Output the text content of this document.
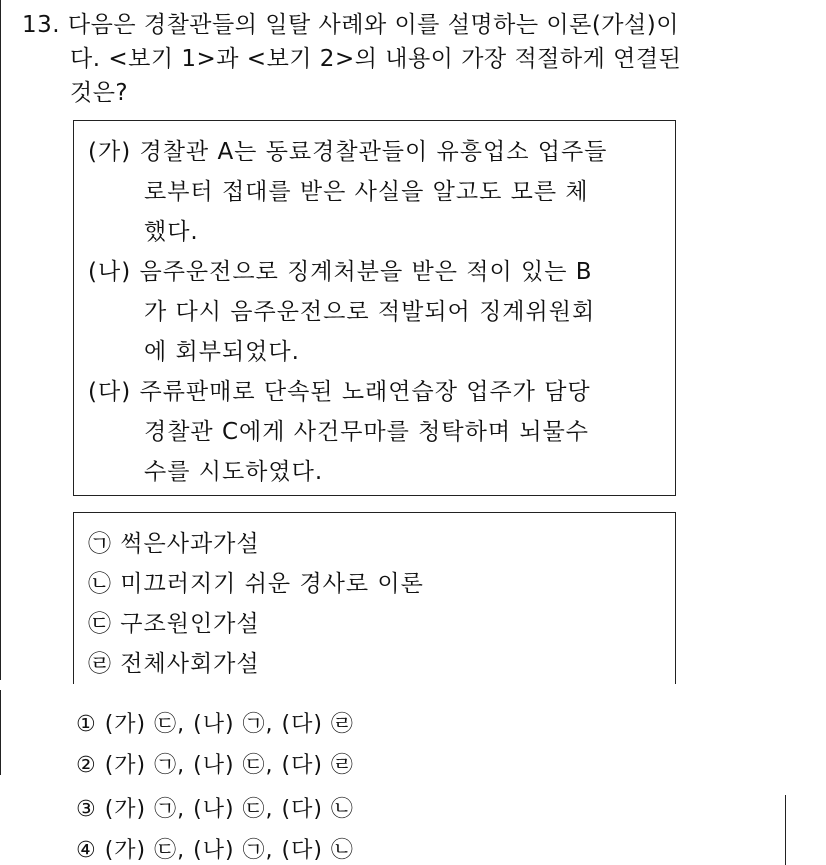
13. 다음은 경찰관들의 일탈 사례와 이를 설명하는 이론(가설)이
다. <보기 1>과 <보기 2>의 내용이 가장 적절하게 연결된
것은?
(가) 경찰관 A는 동료경찰관들이 유흥업소 업주들
로부터 접대를 받은 사실을 알고도 모른 체
했다.
(나) 음주운전으로 징계처분을 받은 적이 있는 B
가 다시 음주운전으로 적발되어 징계위원회
에 회부되었다.
(다) 주류판매로 단속된 노래연습장 업주가 담당
경찰관 C에게 사건무마를 청탁하며 뇌물수
수를 시도하였다.
㉠ 썩은사과가설
㉡ 미끄러지기 쉬운 경사로 이론
㉢ 구조원인가설
㉣ 전체사회가설
① (가) ㉢, (나) ㉠, (다) ㉣
② (가) ㉠, (나) ㉢, (다) ㉣
③ (가) ㉠, (나) ㉢, (다) ㉡
④ (가) ㉢, (나) ㉠, (다) ㉡
